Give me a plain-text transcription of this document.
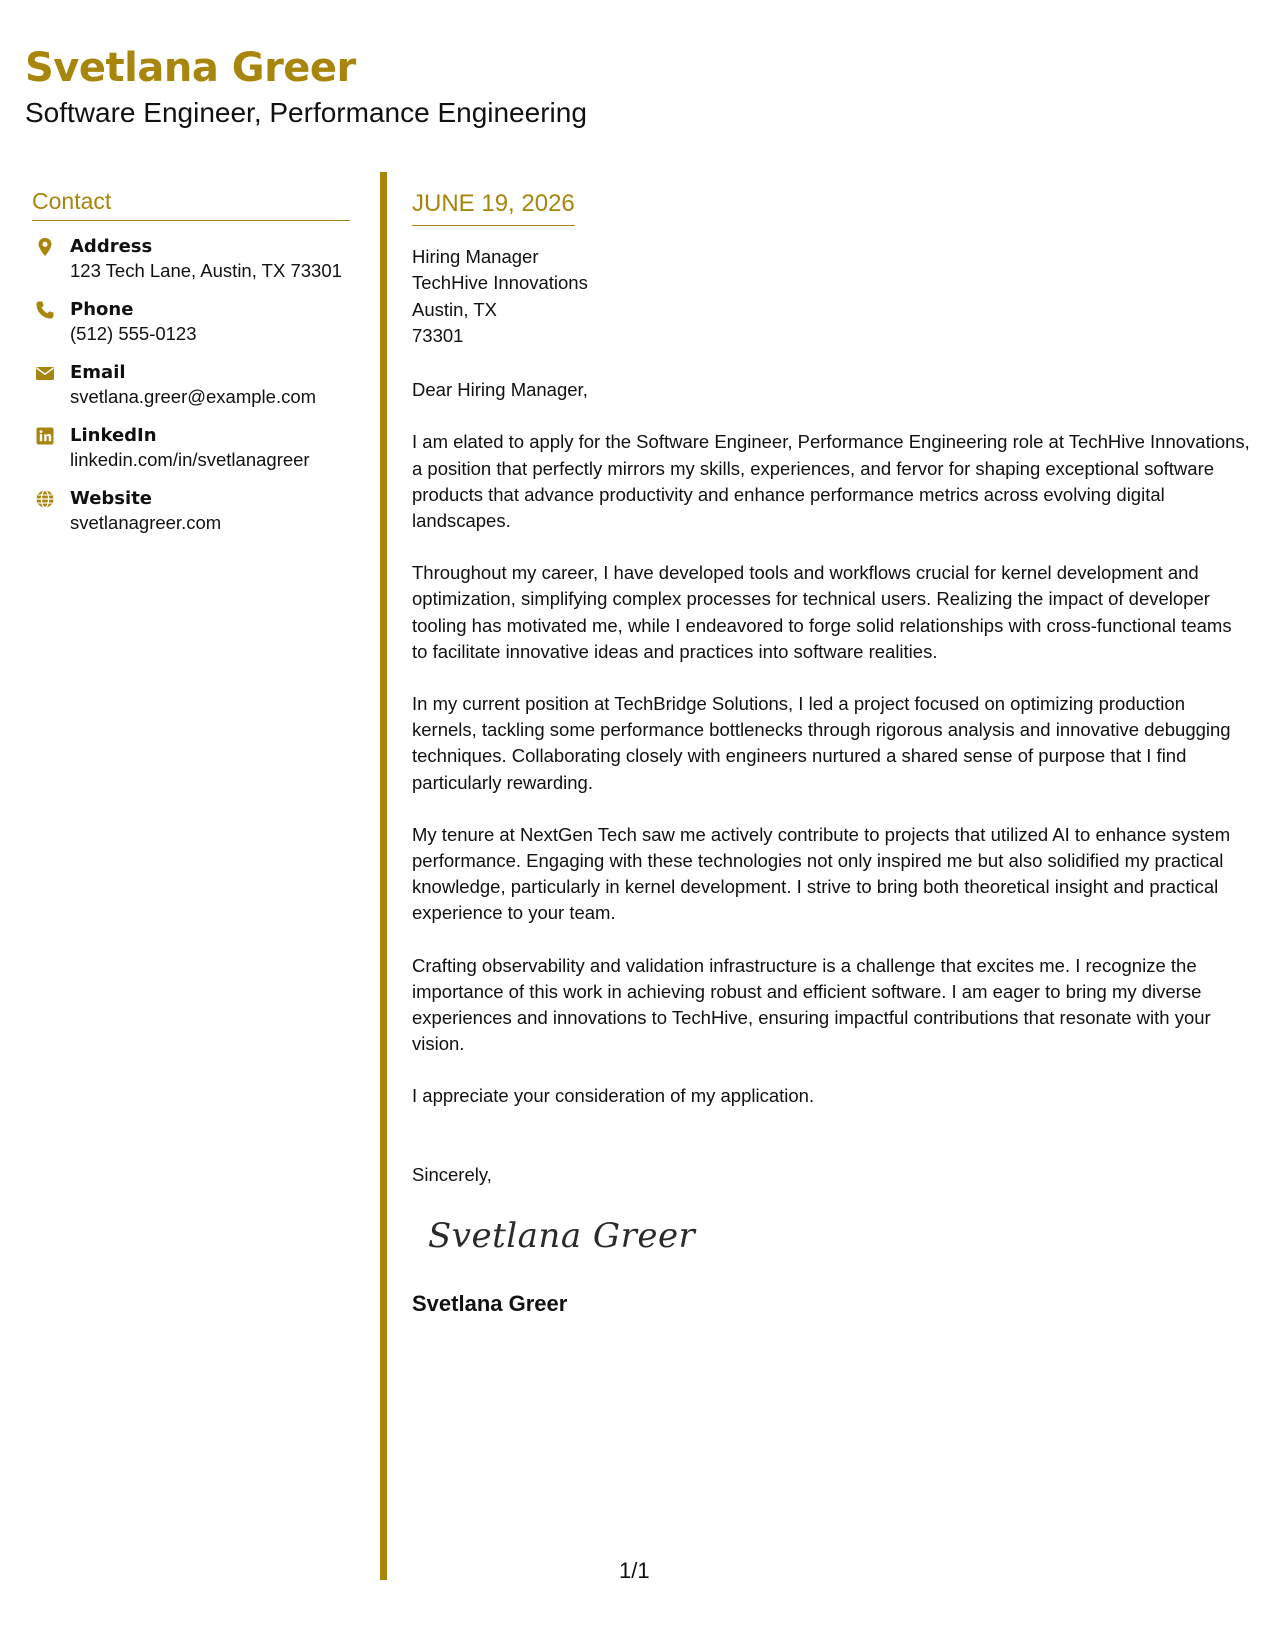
Svetlana Greer
Software Engineer, Performance Engineering
Contact
Address
123 Tech Lane, Austin, TX 73301
Phone
(512) 555-0123
Email
svetlana.greer@example.com
LinkedIn
linkedin.com/in/svetlanagreer
Website
svetlanagreer.com
JUNE 19, 2026
Hiring Manager
TechHive Innovations
Austin, TX
73301
Dear Hiring Manager,

I am elated to apply for the Software Engineer, Performance Engineering role at TechHive Innovations, a position that perfectly mirrors my skills, experiences, and fervor for shaping exceptional software products that advance productivity and enhance performance metrics across evolving digital landscapes.

Throughout my career, I have developed tools and workflows crucial for kernel development and optimization, simplifying complex processes for technical users. Realizing the impact of developer tooling has motivated me, while I endeavored to forge solid relationships with cross-functional teams to facilitate innovative ideas and practices into software realities.

In my current position at TechBridge Solutions, I led a project focused on optimizing production kernels, tackling some performance bottlenecks through rigorous analysis and innovative debugging techniques. Collaborating closely with engineers nurtured a shared sense of purpose that I find particularly rewarding.

My tenure at NextGen Tech saw me actively contribute to projects that utilized AI to enhance system performance. Engaging with these technologies not only inspired me but also solidified my practical knowledge, particularly in kernel development. I strive to bring both theoretical insight and practical experience to your team.

Crafting observability and validation infrastructure is a challenge that excites me. I recognize the importance of this work in achieving robust and efficient software. I am eager to bring my diverse experiences and innovations to TechHive, ensuring impactful contributions that resonate with your vision.

I appreciate your consideration of my application.

Sincerely,
Svetlana Greer
Svetlana Greer
1/1
